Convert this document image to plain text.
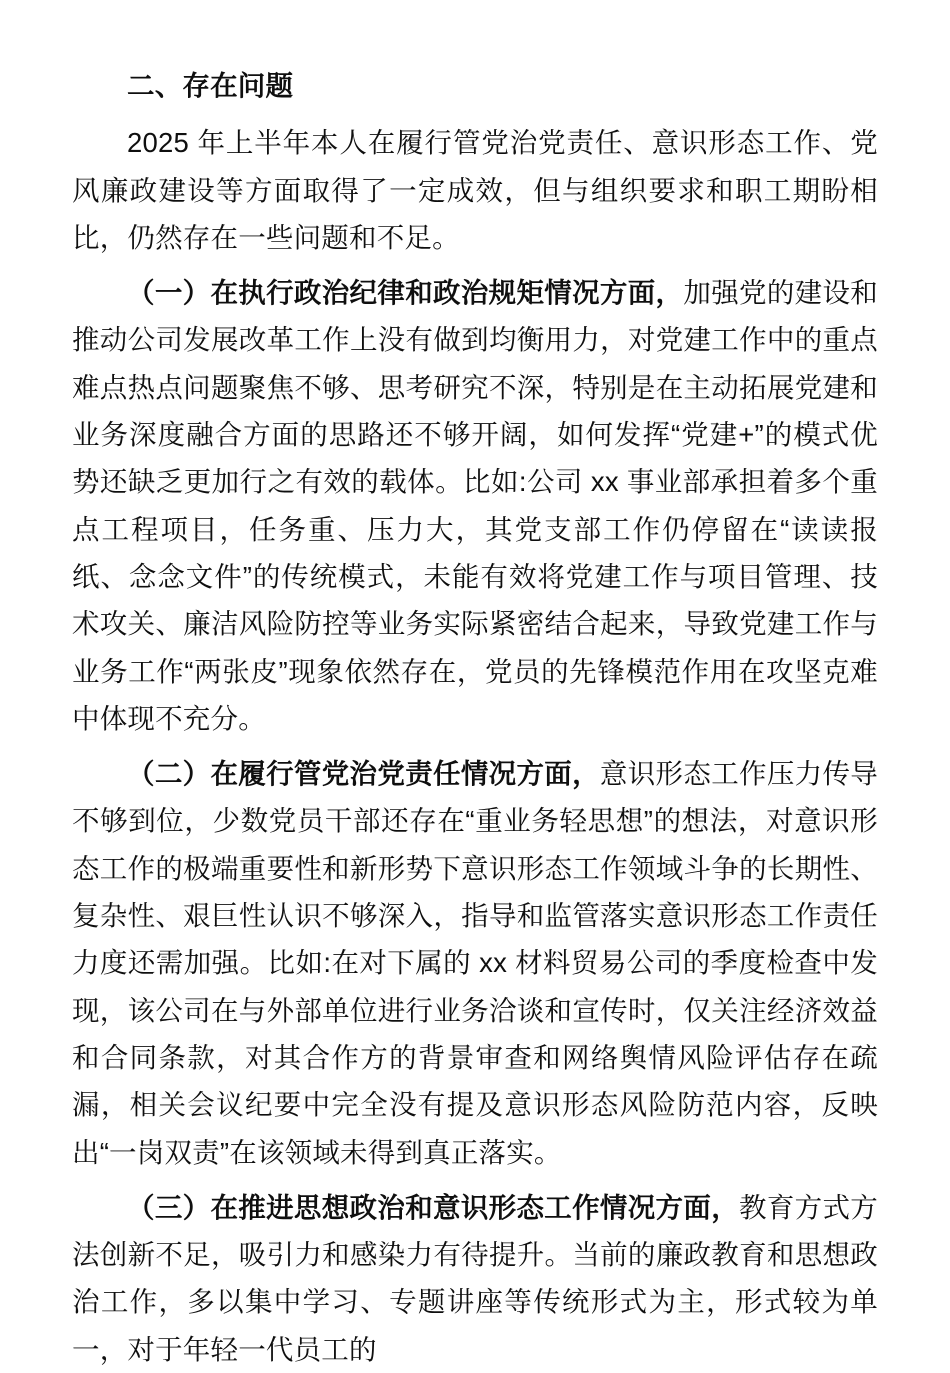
二、存在问题

2025 年上半年本人在履行管党治党责任、意识形态工作、党风廉政建设等方面取得了一定成效，但与组织要求和职工期盼相比，仍然存在一些问题和不足。

（一）在执行政治纪律和政治规矩情况方面，加强党的建设和推动公司发展改革工作上没有做到均衡用力，对党建工作中的重点难点热点问题聚焦不够、思考研究不深，特别是在主动拓展党建和业务深度融合方面的思路还不够开阔，如何发挥“党建+”的模式优势还缺乏更加行之有效的载体。比如:公司 xx 事业部承担着多个重点工程项目，任务重、压力大，其党支部工作仍停留在“读读报纸、念念文件”的传统模式，未能有效将党建工作与项目管理、技术攻关、廉洁风险防控等业务实际紧密结合起来，导致党建工作与业务工作“两张皮”现象依然存在，党员的先锋模范作用在攻坚克难中体现不充分。

（二）在履行管党治党责任情况方面，意识形态工作压力传导不够到位，少数党员干部还存在“重业务轻思想”的想法，对意识形态工作的极端重要性和新形势下意识形态工作领域斗争的长期性、复杂性、艰巨性认识不够深入，指导和监管落实意识形态工作责任力度还需加强。比如:在对下属的 xx 材料贸易公司的季度检查中发现，该公司在与外部单位进行业务洽谈和宣传时，仅关注经济效益和合同条款，对其合作方的背景审查和网络舆情风险评估存在疏漏，相关会议纪要中完全没有提及意识形态风险防范内容，反映出“一岗双责”在该领域未得到真正落实。

（三）在推进思想政治和意识形态工作情况方面，教育方式方法创新不足，吸引力和感染力有待提升。当前的廉政教育和思想政治工作，多以集中学习、专题讲座等传统形式为主，形式较为单一，对于年轻一代员工的
